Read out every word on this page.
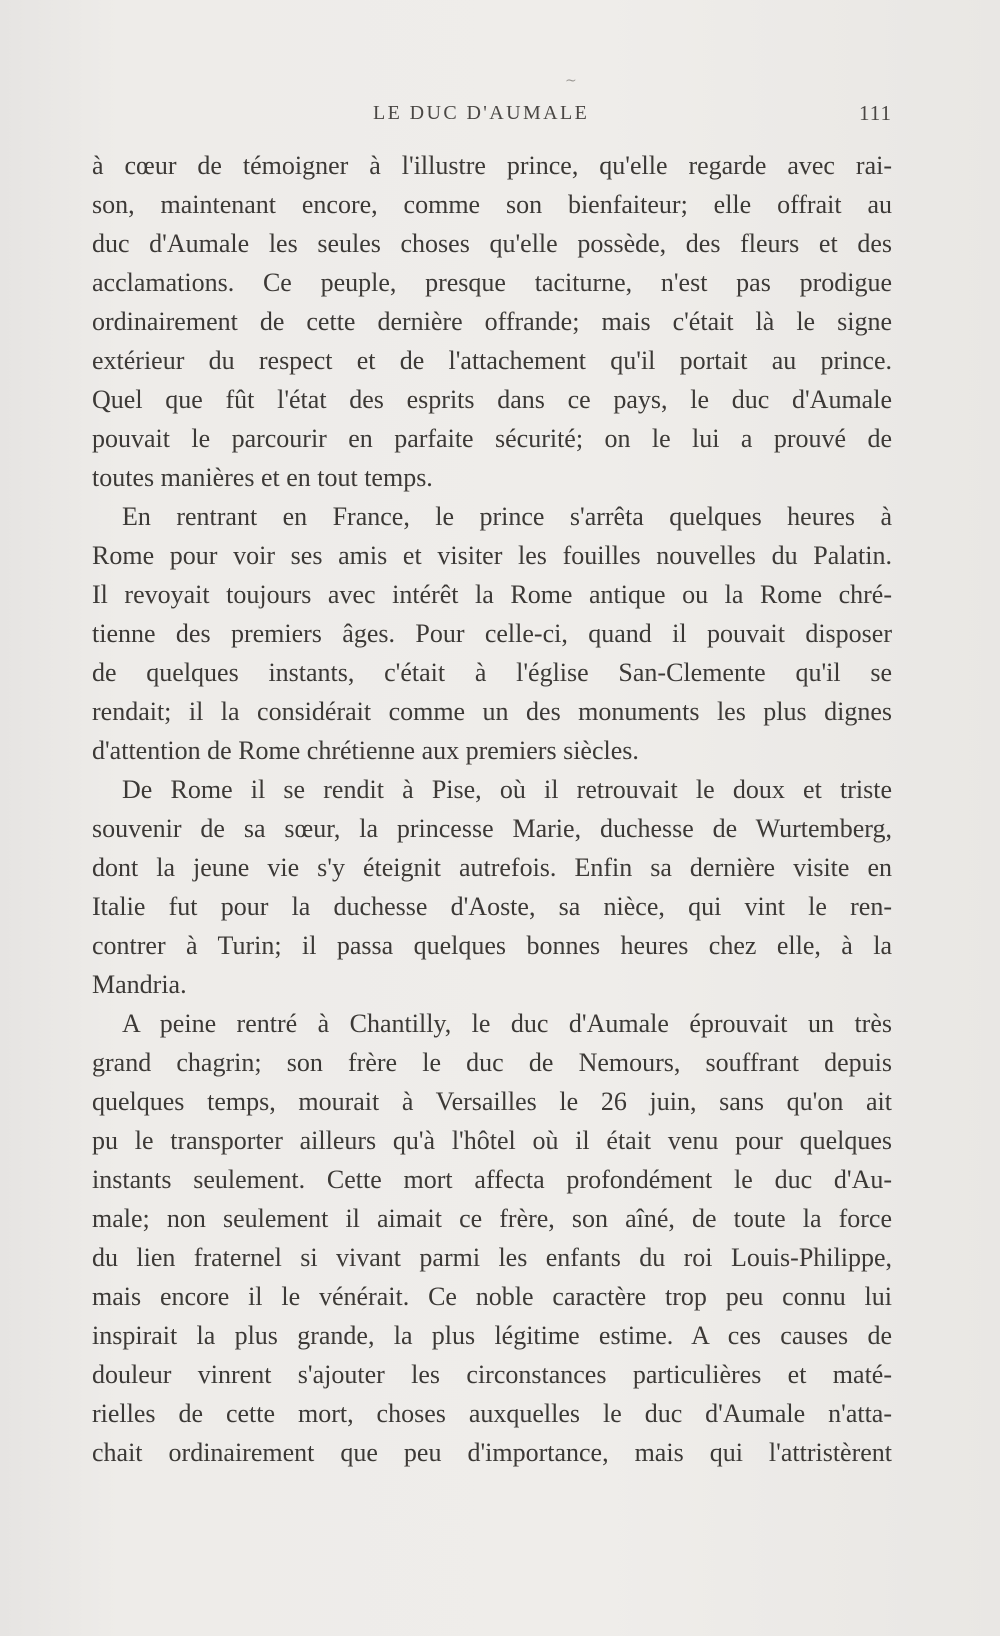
~
LE DUC D'AUMALE	111
à cœur de témoigner à l'illustre prince, qu'elle regarde avec rai-
son, maintenant encore, comme son bienfaiteur; elle offrait au
duc d'Aumale les seules choses qu'elle possède, des fleurs et des
acclamations. Ce peuple, presque taciturne, n'est pas prodigue
ordinairement de cette dernière offrande; mais c'était là le signe
extérieur du respect et de l'attachement qu'il portait au prince.
Quel que fût l'état des esprits dans ce pays, le duc d'Aumale
pouvait le parcourir en parfaite sécurité; on le lui a prouvé de
toutes manières et en tout temps.
En rentrant en France, le prince s'arrêta quelques heures à
Rome pour voir ses amis et visiter les fouilles nouvelles du Palatin.
Il revoyait toujours avec intérêt la Rome antique ou la Rome chré-
tienne des premiers âges. Pour celle-ci, quand il pouvait disposer
de quelques instants, c'était à l'église San-Clemente qu'il se
rendait; il la considérait comme un des monuments les plus dignes
d'attention de Rome chrétienne aux premiers siècles.
De Rome il se rendit à Pise, où il retrouvait le doux et triste
souvenir de sa sœur, la princesse Marie, duchesse de Wurtemberg,
dont la jeune vie s'y éteignit autrefois. Enfin sa dernière visite en
Italie fut pour la duchesse d'Aoste, sa nièce, qui vint le ren-
contrer à Turin; il passa quelques bonnes heures chez elle, à la
Mandria.
A peine rentré à Chantilly, le duc d'Aumale éprouvait un très
grand chagrin; son frère le duc de Nemours, souffrant depuis
quelques temps, mourait à Versailles le 26 juin, sans qu'on ait
pu le transporter ailleurs qu'à l'hôtel où il était venu pour quelques
instants seulement. Cette mort affecta profondément le duc d'Au-
male; non seulement il aimait ce frère, son aîné, de toute la force
du lien fraternel si vivant parmi les enfants du roi Louis-Philippe,
mais encore il le vénérait. Ce noble caractère trop peu connu lui
inspirait la plus grande, la plus légitime estime. A ces causes de
douleur vinrent s'ajouter les circonstances particulières et maté-
rielles de cette mort, choses auxquelles le duc d'Aumale n'atta-
chait ordinairement que peu d'importance, mais qui l'attristèrent
